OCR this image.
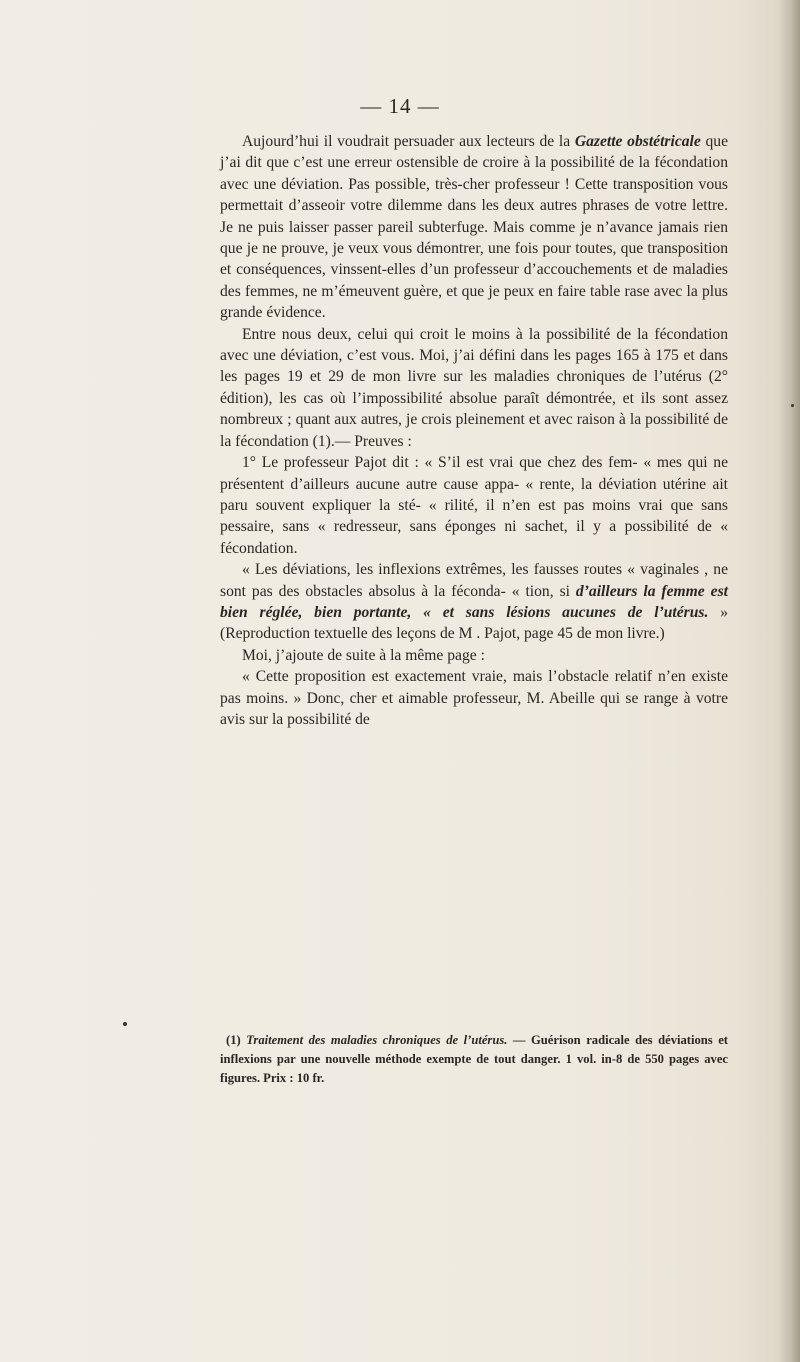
— 14 —

Aujourd’hui il voudrait persuader aux lecteurs de la Gazette obstétricale que j’ai dit que c’est une erreur ostensible de croire à la possibilité de la fécondation avec une déviation. Pas possible, très-cher professeur ! Cette transposition vous permettait d’asseoir votre dilemme dans les deux autres phrases de votre lettre. Je ne puis laisser passer pareil subterfuge. Mais comme je n’avance jamais rien que je ne prouve, je veux vous démontrer, une fois pour toutes, que transposition et conséquences, vinssent-elles d’un professeur d’accouchements et de maladies des femmes, ne m’émeuvent guère, et que je peux en faire table rase avec la plus grande évidence.

Entre nous deux, celui qui croit le moins à la possibilité de la fécondation avec une déviation, c’est vous. Moi, j’ai défini dans les pages 165 à 175 et dans les pages 19 et 29 de mon livre sur les maladies chroniques de l’utérus (2° édition), les cas où l’impossibilité absolue paraît démontrée, et ils sont assez nombreux ; quant aux autres, je crois pleinement et avec raison à la possibilité de la fécondation (1).— Preuves :

1° Le professeur Pajot dit : « S’il est vrai que chez des fem- « mes qui ne présentent d’ailleurs aucune autre cause appa- « rente, la déviation utérine ait paru souvent expliquer la sté- « rilité, il n’en est pas moins vrai que sans pessaire, sans « redresseur, sans éponges ni sachet, il y a possibilité de « fécondation.

« Les déviations, les inflexions extrêmes, les fausses routes « vaginales , ne sont pas des obstacles absolus à la féconda- « tion, si d’ailleurs la femme est bien réglée, bien portante, « et sans lésions aucunes de l’utérus. » (Reproduction textuelle des leçons de M . Pajot, page 45 de mon livre.)

Moi, j’ajoute de suite à la même page :

« Cette proposition est exactement vraie, mais l’obstacle relatif n’en existe pas moins. » Donc, cher et aimable professeur, M. Abeille qui se range à votre avis sur la possibilité de

(1) Traitement des maladies chroniques de l’utérus. — Guérison radicale des déviations et inflexions par une nouvelle méthode exempte de tout danger. 1 vol. in-8 de 550 pages avec figures. Prix : 10 fr.
